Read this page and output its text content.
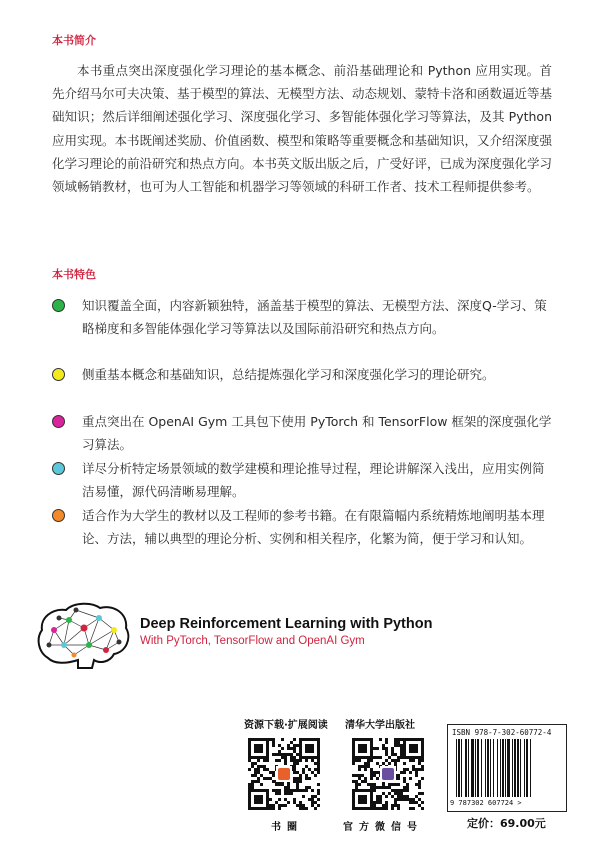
本书简介

本书重点突出深度强化学习理论的基本概念、前沿基础理论和 Python 应用实现。首先介绍马尔可夫决策、基于模型的算法、无模型方法、动态规划、蒙特卡洛和函数逼近等基础知识；然后详细阐述强化学习、深度强化学习、多智能体强化学习等算法，及其 Python 应用实现。本书既阐述奖励、价值函数、模型和策略等重要概念和基础知识，又介绍深度强化学习理论的前沿研究和热点方向。本书英文版出版之后，广受好评，已成为深度强化学习领域畅销教材，也可为人工智能和机器学习等领域的科研工作者、技术工程师提供参考。

本书特色
知识覆盖全面，内容新颖独特，涵盖基于模型的算法、无模型方法、深度Q-学习、策略梯度和多智能体强化学习等算法以及国际前沿研究和热点方向。
侧重基本概念和基础知识，总结提炼强化学习和深度强化学习的理论研究。
重点突出在 OpenAI Gym 工具包下使用 PyTorch 和 TensorFlow 框架的深度强化学习算法。
详尽分析特定场景领域的数学建模和理论推导过程，理论讲解深入浅出，应用实例简洁易懂，源代码清晰易理解。
适合作为大学生的教材以及工程师的参考书籍。在有限篇幅内系统精炼地阐明基本理论、方法，辅以典型的理论分析、实例和相关程序，化繁为简，便于学习和认知。
Deep Reinforcement Learning with Python
With PyTorch, TensorFlow and OpenAI Gym
资源下载·扩展阅读
书圈
清华大学出版社
官方微信号
ISBN 978-7-302-60772-4
9 787302 607724 >
定价：69.00元
